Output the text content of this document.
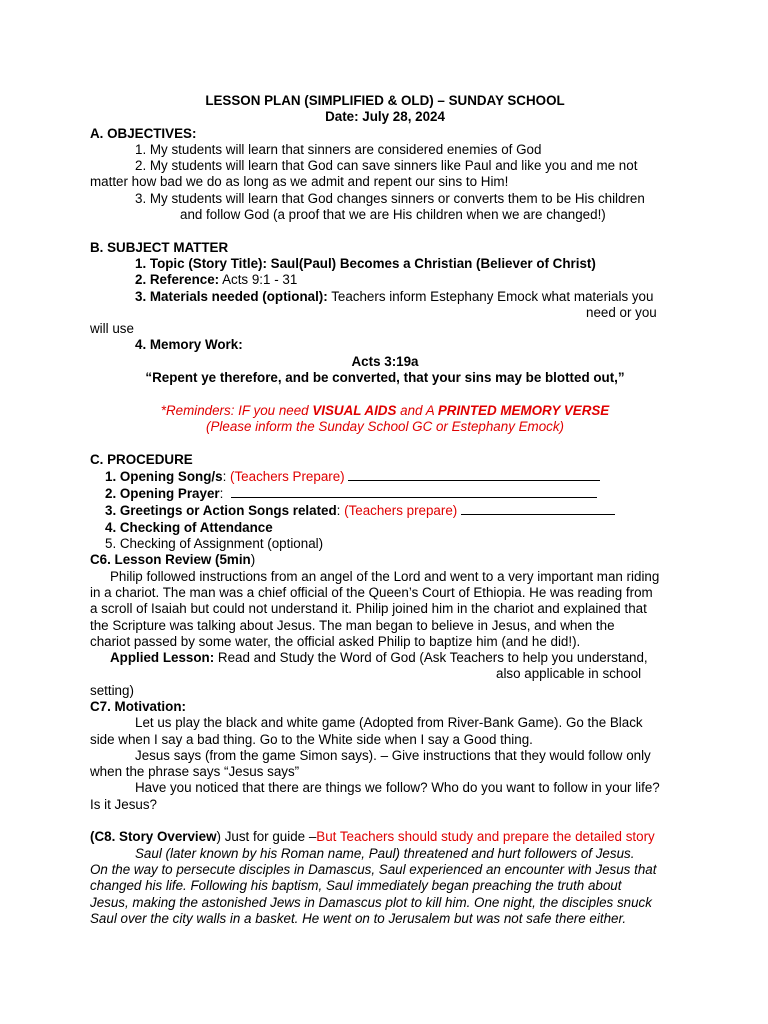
LESSON PLAN (SIMPLIFIED & OLD) – SUNDAY SCHOOL

Date: July 28, 2024

A. OBJECTIVES:

1. My students will learn that sinners are considered enemies of God

2. My students will learn that God can save sinners like Paul and like you and me not

matter how bad we do as long as we admit and repent our sins to Him!

3. My students will learn that God changes sinners or converts them to be His children

and follow God (a proof that we are His children when we are changed!)

B. SUBJECT MATTER

1. Topic (Story Title): Saul(Paul) Becomes a Christian (Believer of Christ)

2. Reference: Acts 9:1 - 31

3. Materials needed (optional): Teachers inform Estephany Emock what materials you

need or you

will use

4. Memory Work:

Acts 3:19a

“Repent ye therefore, and be converted, that your sins may be blotted out,”

*Reminders: IF you need VISUAL AIDS and A PRINTED MEMORY VERSE

(Please inform the Sunday School GC or Estephany Emock)

C. PROCEDURE

1. Opening Song/s: (Teachers Prepare)

2. Opening Prayer:

3. Greetings or Action Songs related: (Teachers prepare)

4. Checking of Attendance

5. Checking of Assignment (optional)

C6. Lesson Review (5min)

Philip followed instructions from an angel of the Lord and went to a very important man riding

in a chariot. The man was a chief official of the Queen’s Court of Ethiopia. He was reading from

a scroll of Isaiah but could not understand it. Philip joined him in the chariot and explained that

the Scripture was talking about Jesus. The man began to believe in Jesus, and when the

chariot passed by some water, the official asked Philip to baptize him (and he did!).

Applied Lesson: Read and Study the Word of God (Ask Teachers to help you understand,

also applicable in school

setting)

C7. Motivation:

Let us play the black and white game (Adopted from River-Bank Game). Go the Black

side when I say a bad thing. Go to the White side when I say a Good thing.

Jesus says (from the game Simon says). – Give instructions that they would follow only

when the phrase says “Jesus says”

Have you noticed that there are things we follow? Who do you want to follow in your life?

Is it Jesus?

(C8. Story Overview) Just for guide –But Teachers should study and prepare the detailed story

Saul (later known by his Roman name, Paul) threatened and hurt followers of Jesus.

On the way to persecute disciples in Damascus, Saul experienced an encounter with Jesus that

changed his life. Following his baptism, Saul immediately began preaching the truth about

Jesus, making the astonished Jews in Damascus plot to kill him. One night, the disciples snuck

Saul over the city walls in a basket. He went on to Jerusalem but was not safe there either.
